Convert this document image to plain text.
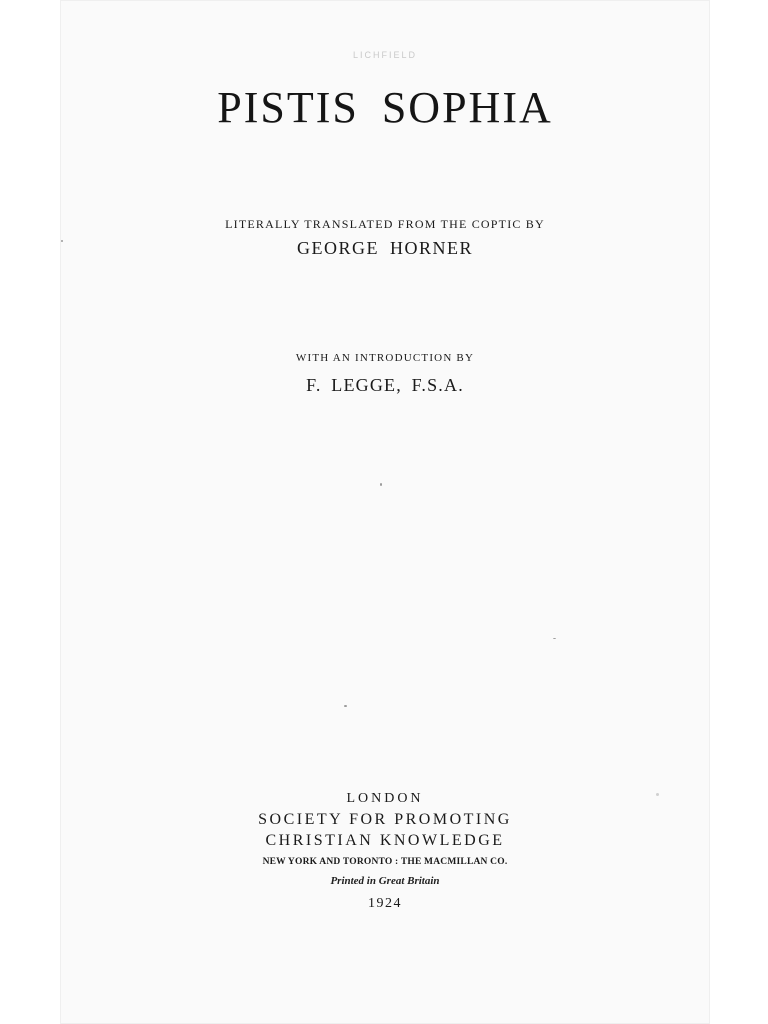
LICHFIELD
PISTIS SOPHIA
LITERALLY TRANSLATED FROM THE COPTIC BY
GEORGE HORNER
WITH AN INTRODUCTION BY
F. LEGGE, F.S.A.
LONDON
SOCIETY FOR PROMOTING
CHRISTIAN KNOWLEDGE
NEW YORK AND TORONTO : THE MACMILLAN CO.
Printed in Great Britain
1924
